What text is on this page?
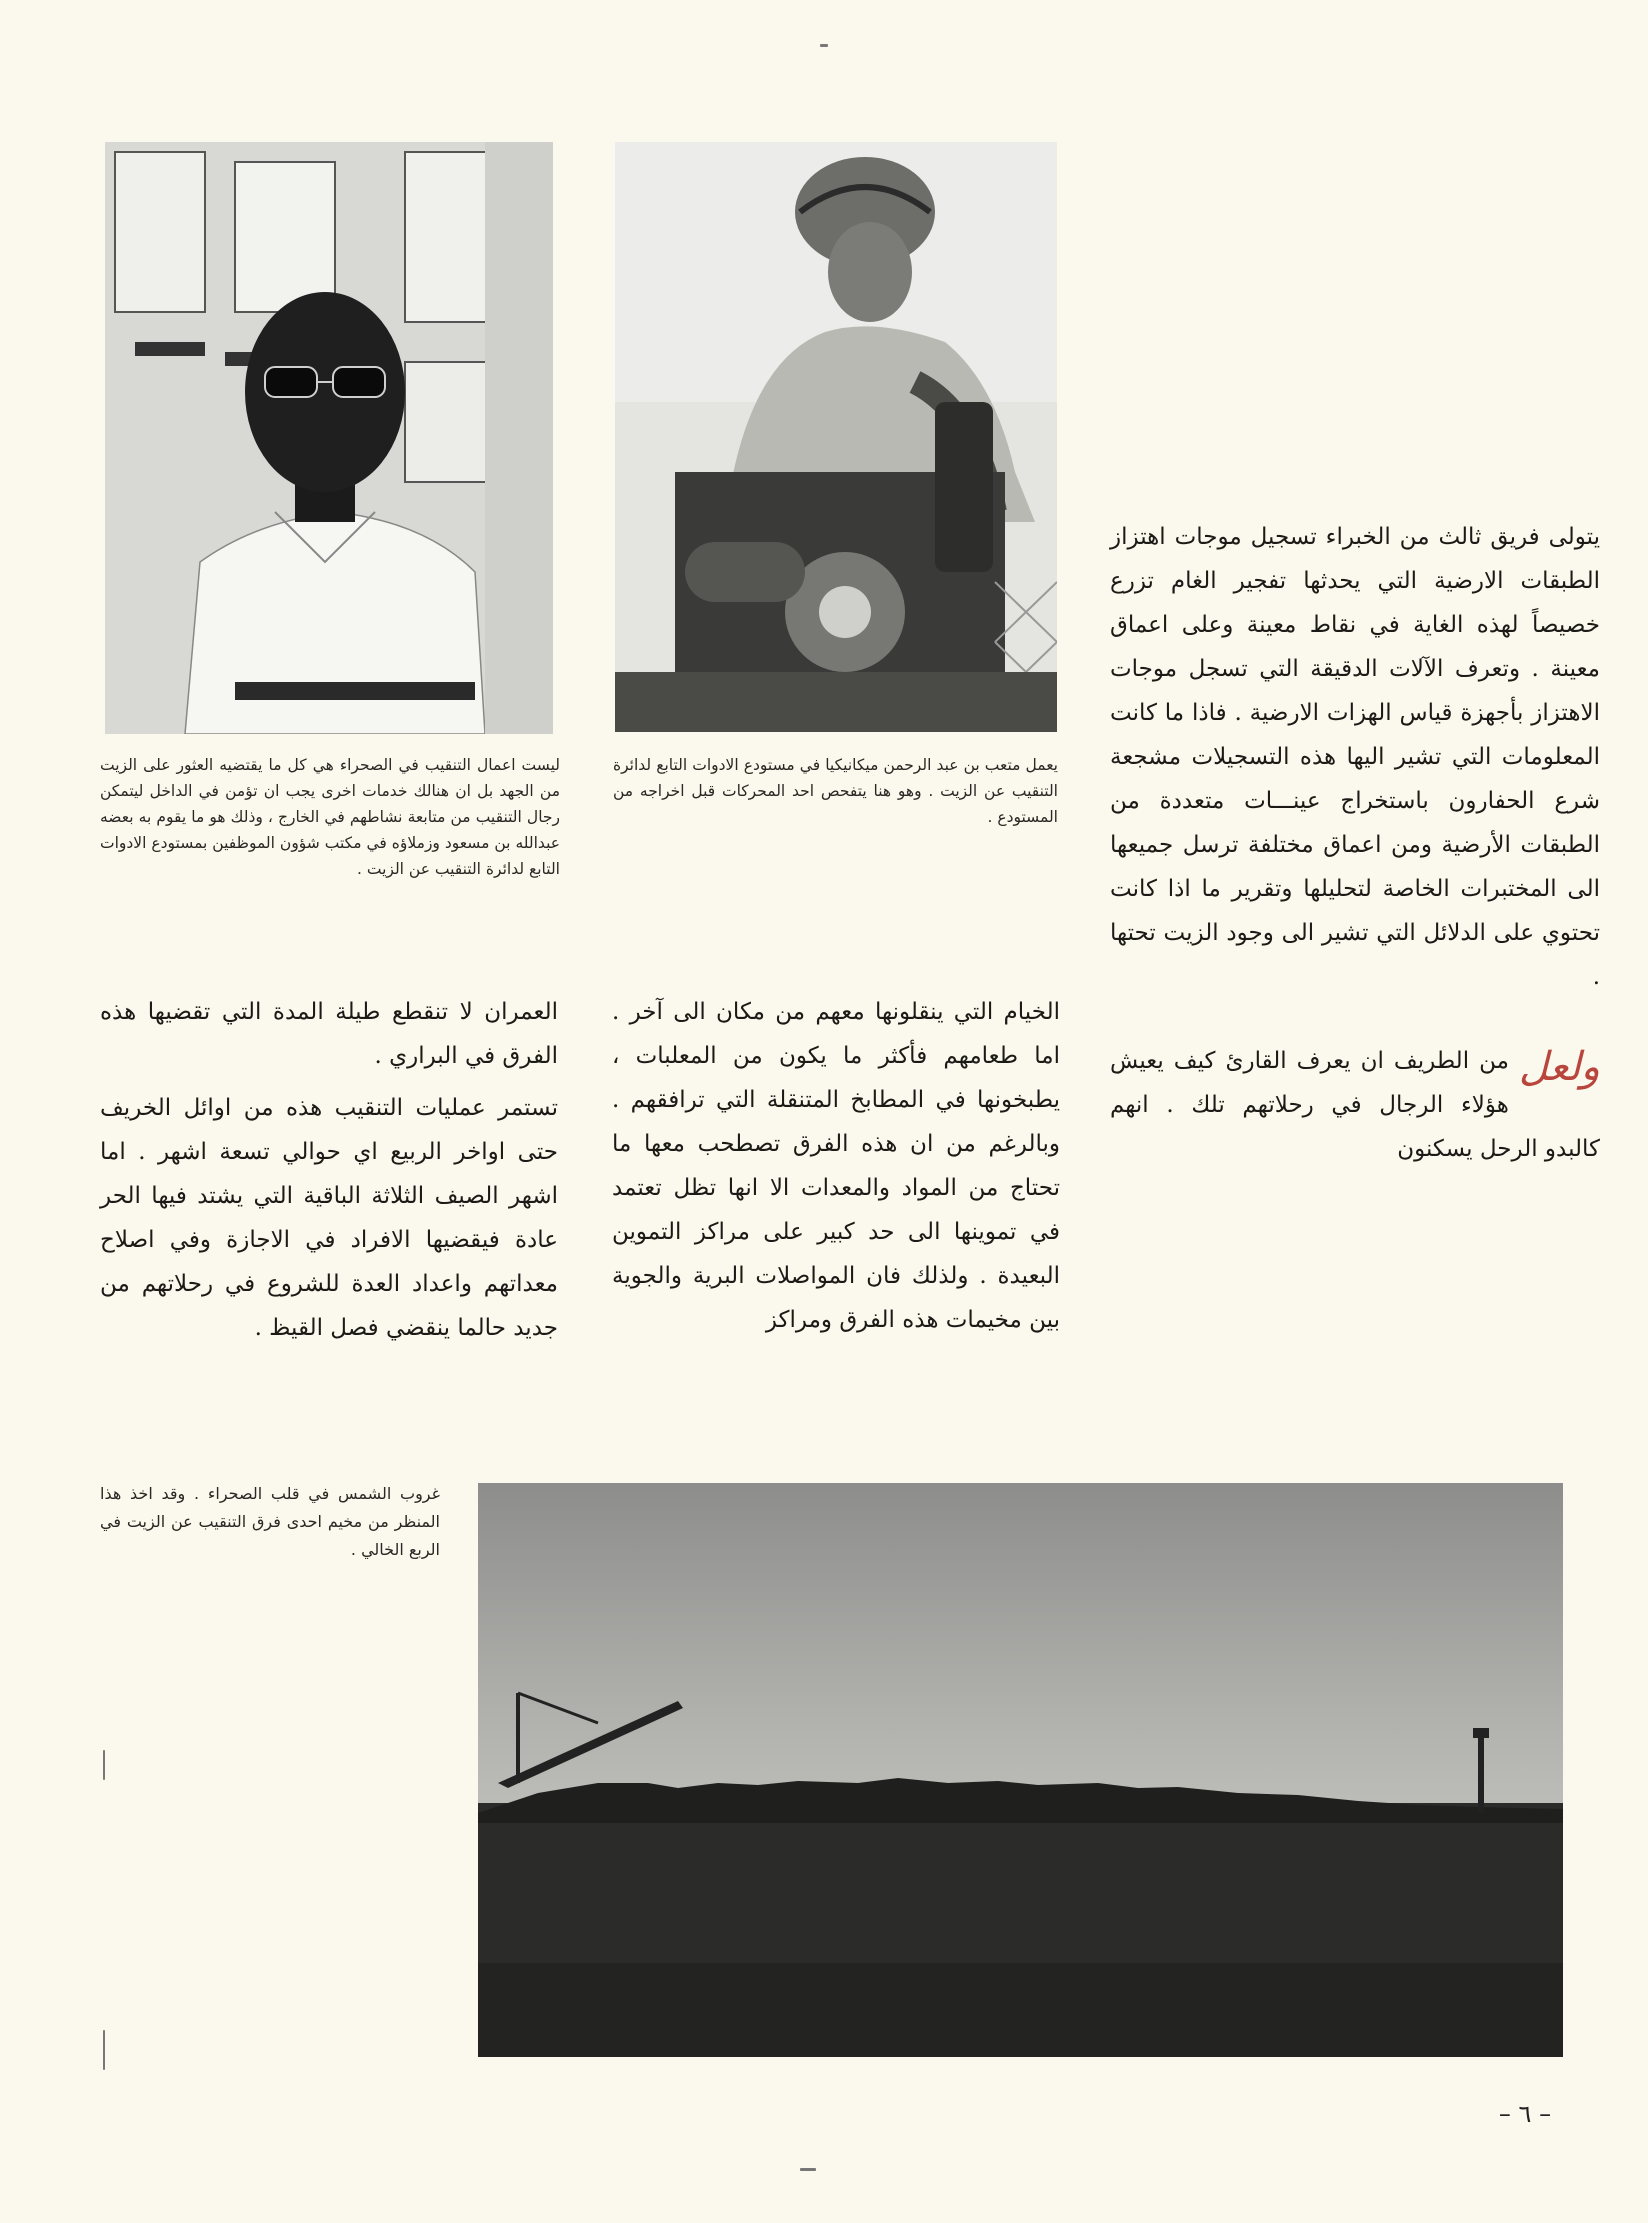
ليست اعمال التنقيب في الصحراء هي كل ما يقتضيه العثور على الزيت من الجهد بل ان هنالك خدمات اخرى يجب ان تؤمن في الداخل ليتمكن رجال التنقيب من متابعة نشاطهم في الخارج ، وذلك هو ما يقوم به بعضه عبدالله بن مسعود وزملاؤه في مكتب شؤون الموظفين بمستودع الادوات التابع لدائرة التنقيب عن الزيت .
يعمل متعب بن عبد الرحمن ميكانيكيا في مستودع الادوات التابع لدائرة التنقيب عن الزيت . وهو هنا يتفحص احد المحركات قبل اخراجه من المستودع .

يتولى فريق ثالث من الخبراء تسجيل موجات اهتزاز الطبقات الارضية التي يحدثها تفجير الغام تزرع خصيصاً لهذه الغاية في نقاط معينة وعلى اعماق معينة . وتعرف الآلات الدقيقة التي تسجل موجات الاهتزاز بأجهزة قياس الهزات الارضية . فاذا ما كانت المعلومات التي تشير اليها هذه التسجيلات مشجعة شرع الحفارون باستخراج عينـــات متعددة من الطبقات الأرضية ومن اعماق مختلفة ترسل جميعها الى المختبرات الخاصة لتحليلها وتقرير ما اذا كانت تحتوي على الدلائل التي تشير الى وجود الزيت تحتها .

ولعل
من الطريف ان يعرف القارئ كيف يعيش هؤلاء الرجال في رحلاتهم تلك . انهم كالبدو الرحل يسكنون

الخيام التي ينقلونها معهم من مكان الى آخر . اما طعامهم فأكثر ما يكون من المعلبات ، يطبخونها في المطابخ المتنقلة التي ترافقهم . وبالرغم من ان هذه الفرق تصطحب معها ما تحتاج من المواد والمعدات الا انها تظل تعتمد في تموينها الى حد كبير على مراكز التموين البعيدة . ولذلك فان المواصلات البرية والجوية بين مخيمات هذه الفرق ومراكز

العمران لا تنقطع طيلة المدة التي تقضيها هذه الفرق في البراري .

تستمر عمليات التنقيب هذه من اوائل الخريف حتى اواخر الربيع اي حوالي تسعة اشهر . اما اشهر الصيف الثلاثة الباقية التي يشتد فيها الحر عادة فيقضيها الافراد في الاجازة وفي اصلاح معداتهم واعداد العدة للشروع في رحلاتهم من جديد حالما ينقضي فصل القيظ .

غروب الشمس في قلب الصحراء . وقد اخذ هذا المنظر من مخيم احدى فرق التنقيب عن الزيت في الربع الخالي .
– ٦ –
